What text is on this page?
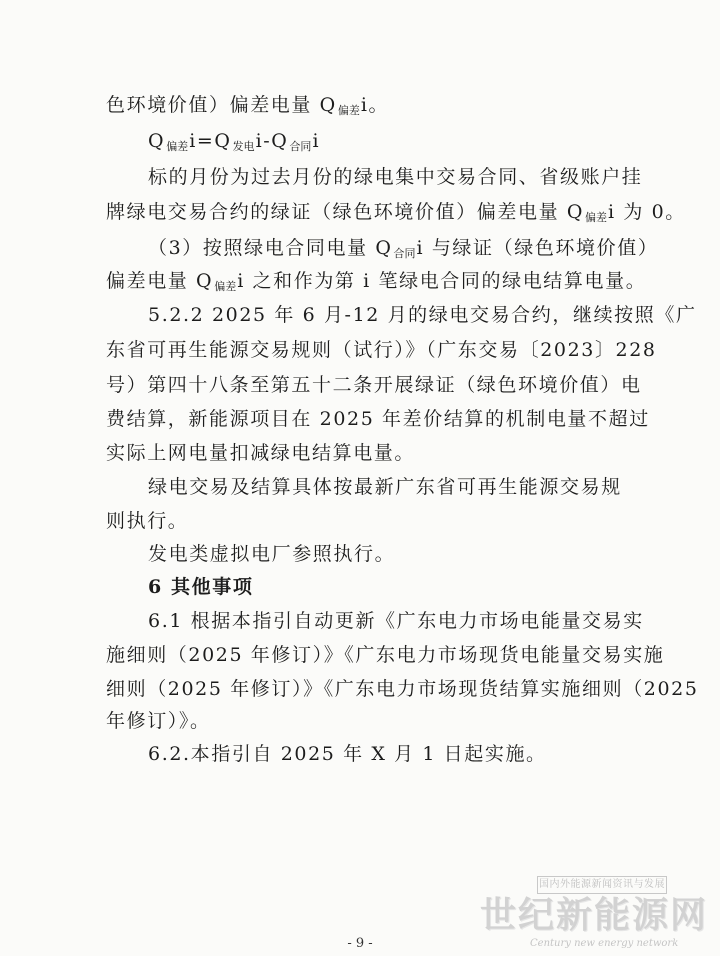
色环境价值）偏差电量 $Q_{偏差}i$。
$Q_{偏差}i=Q_{发电}i-Q_{合同}i$
标的月份为过去月份的绿电集中交易合同、省级账户挂
牌绿电交易合约的绿证（绿色环境价值）偏差电量 $Q_{偏差}i$ 为 0。
（3）按照绿电合同电量 $Q_{合同}i$ 与绿证（绿色环境价值）
偏差电量 $Q_{偏差}i$ 之和作为第 i 笔绿电合同的绿电结算电量。
5.2.2 2025 年 6 月-12 月的绿电交易合约，继续按照《广
东省可再生能源交易规则（试行）》（广东交易〔2023〕228
号）第四十八条至第五十二条开展绿证（绿色环境价值）电
费结算，新能源项目在 2025 年差价结算的机制电量不超过
实际上网电量扣减绿电结算电量。
绿电交易及结算具体按最新广东省可再生能源交易规
则执行。
发电类虚拟电厂参照执行。
6 其他事项
6.1 根据本指引自动更新《广东电力市场电能量交易实
施细则（2025 年修订）》《广东电力市场现货电能量交易实施
细则（2025 年修订）》《广东电力市场现货结算实施细则（2025
年修订）》。
6.2.本指引自 2025 年 X 月 1 日起实施。
国内外能源新闻资讯与发展
世纪新能源网
Century new energy network
- 9 -
